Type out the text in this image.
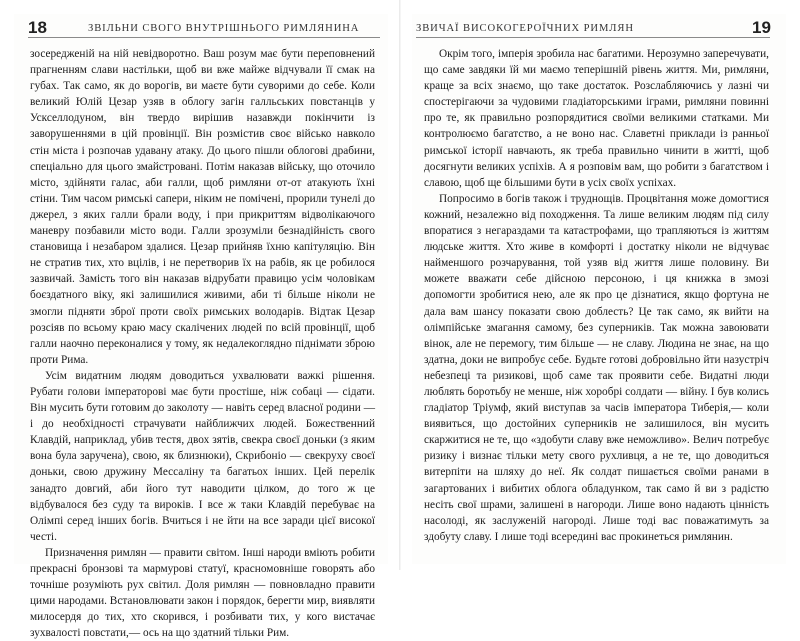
18	ЗВІЛЬНИ СВОГО ВНУТРІШНЬОГО РИМЛЯНИНА	ЗВИЧАЇ ВИСОКОГЕРОЇЧНИХ РИМЛЯН	19

зосередженій на ній невідворотно. Ваш розум має бути переповнений прагненням слави настільки, щоб ви вже майже відчували її смак на губах. Так само, як до ворогів, ви маєте бути суворими до себе. Коли великий Юлій Цезар узяв в облогу загін галльських повстанців у Ускселлодуном, він твердо вирішив назавжди покінчити із заворушеннями в цій провінції. Він розмістив своє військо навколо стін міста і розпочав удавану атаку. До цього пішли облогові драбини, спеціально для цього змайстровані. Потім наказав війську, що оточило місто, здійняти галас, аби галли, щоб римляни от-от атакують їхні стіни. Тим часом римські сапери, ніким не помічені, прорили тунелі до джерел, з яких галли брали воду, і при прикриттям відволікаючого маневру позбавили місто води. Галли зрозуміли безнадійність свого становища і незабаром здалися. Цезар прийняв їхню капітуляцію. Він не стратив тих, хто вцілів, і не перетворив їх на рабів, як це робилося зазвичай. Замість того він наказав відрубати правицю усім чоловікам боєздатного віку, які залишилися живими, аби ті більше ніколи не змогли підняти зброї проти своїх римських володарів. Відтак Цезар розсіяв по всьому краю масу скалічених людей по всій провінції, щоб галли наочно переконалися у тому, як недалекоглядно піднімати зброю проти Рима.

Усім видатним людям доводиться ухвалювати важкі рішення. Рубати голови імператорові має бути простіше, ніж собаці — сідати. Він мусить бути готовим до заколоту — навіть серед власної родини — і до необхідності страчувати найближчих людей. Божественний Клавдій, наприклад, убив тестя, двох зятів, свекра своєї доньки (з яким вона була заручена), свою, як близнюки), Скрибоніо — свекруху своєї доньки, свою дружину Мессаліну та багатьох інших. Цей перелік занадто довгий, аби його тут наводити цілком, до того ж це відбувалося без суду та вироків. І все ж таки Клавдій перебуває на Олімпі серед інших богів. Вчиться і не йти на все заради цієї високої честі.

Призначення римлян — правити світом. Інші народи вміють робити прекрасні бронзові та мармурові статуї, красномовніше говорять або точніше розуміють рух світил. Доля римлян — повновладно правити цими народами. Встановлювати закон і порядок, берегти мир, виявляти милосердя до тих, хто скорився, і розбивати тих, у кого вистачає зухвалості повстати,— ось на що здатний тільки Рим.

Окрім того, імперія зробила нас багатими. Нерозумно заперечувати, що саме завдяки їй ми маємо теперішній рівень життя. Ми, римляни, краще за всіх знаємо, що таке достаток. Розслабляючись у лазні чи спостерігаючи за чудовими гладіаторськими іграми, римляни повинні про те, як правильно розпорядитися своїми великими статками. Ми контролюємо багатство, а не воно нас. Славетні приклади із ранньої римської історії навчають, як треба правильно чинити в житті, щоб досягнути великих успіхів. А я розповім вам, що робити з багатством і славою, щоб ще більшими бути в усіх своїх успіхах.

Попросимо в богів також і труднощів. Процвітання може домогтися кожний, незалежно від походження. Та лише великим людям під силу впоратися з негараздами та катастрофами, що трапляються із життям людське життя. Хто живе в комфорті і достатку ніколи не відчуває найменшого розчарування, той узяв від життя лише половину. Ви можете вважати себе дійсною персоною, і ця книжка в змозі допомогти зробитися нею, але як про це дізнатися, якщо фортуна не дала вам шансу показати свою доблесть? Це так само, як вийти на олімпійське змагання самому, без суперників. Так можна завоювати вінок, але не перемогу, тим більше — не славу. Людина не знає, на що здатна, доки не випробує себе. Будьте готові добровільно йти назустріч небезпеці та ризикові, щоб саме так проявити себе. Видатні люди люблять боротьбу не менше, ніж хоробрі солдати — війну. І був колись гладіатор Тріумф, який виступав за часів імператора Тиберія,— коли виявиться, що достойних суперників не залишилося, він мусить скаржитися не те, що «здобути славу вже неможливо». Велич потребує ризику і визнає тільки мету свого рухливця, а не те, що доводиться витерпіти на шляху до неї. Як солдат пишається своїми ранами в загартованих і вибитих облога обладунком, так само й ви з радістю несіть свої шрами, залишені в нагороди. Лише воно надають цінність насолоді, як заслуженій нагороді. Лише тоді вас поважатимуть за здобуту славу. І лише тоді всередині вас прокинеться римлянин.
